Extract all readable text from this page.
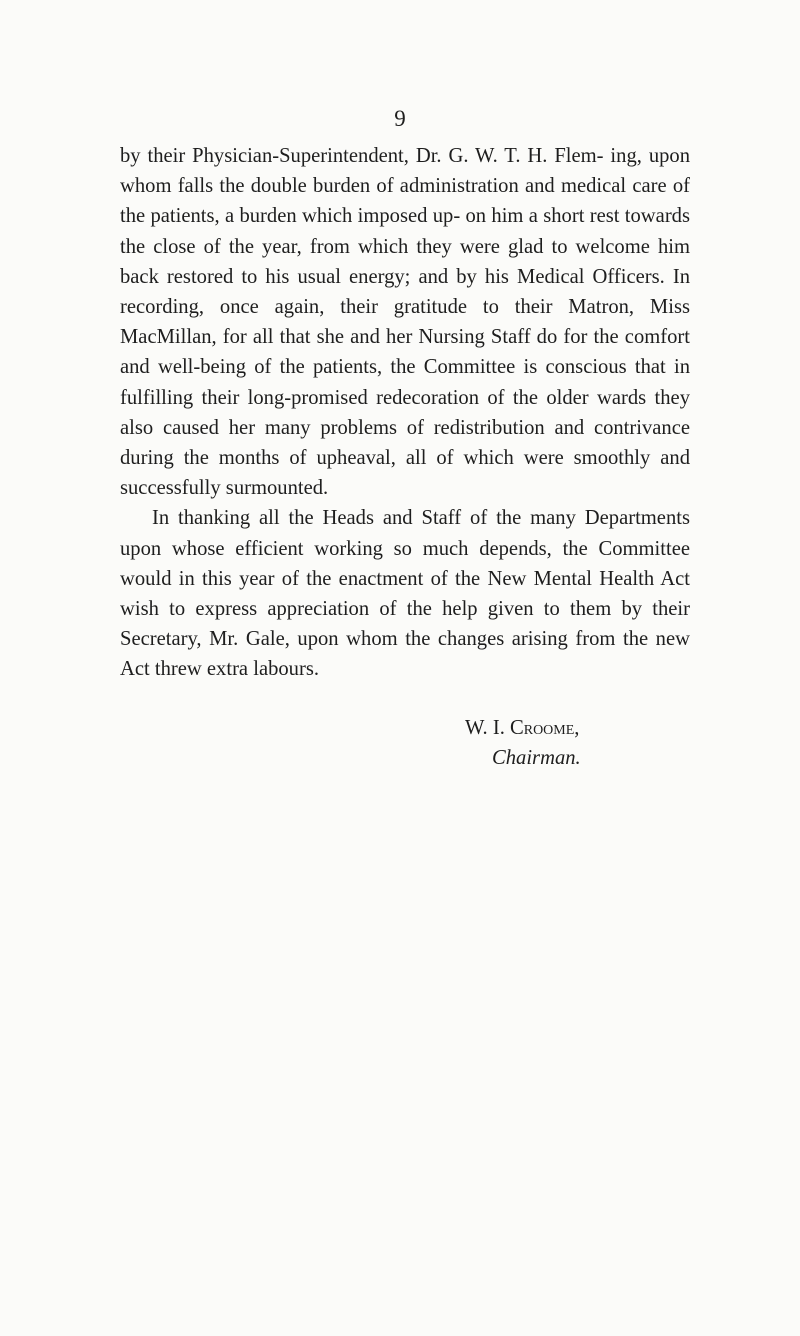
9

by their Physician-Superintendent, Dr. G. W. T. H. Flem- ing, upon whom falls the double burden of administration and medical care of the patients, a burden which imposed up- on him a short rest towards the close of the year, from which they were glad to welcome him back restored to his usual energy; and by his Medical Officers. In recording, once again, their gratitude to their Matron, Miss MacMillan, for all that she and her Nursing Staff do for the comfort and well-being of the patients, the Committee is conscious that in fulfilling their long-promised redecoration of the older wards they also caused her many problems of redistribution and contrivance during the months of upheaval, all of which were smoothly and successfully surmounted.

In thanking all the Heads and Staff of the many Departments upon whose efficient working so much depends, the Committee would in this year of the enactment of the New Mental Health Act wish to express appreciation of the help given to them by their Secretary, Mr. Gale, upon whom the changes arising from the new Act threw extra labours.

W. I. Croome,
Chairman.
